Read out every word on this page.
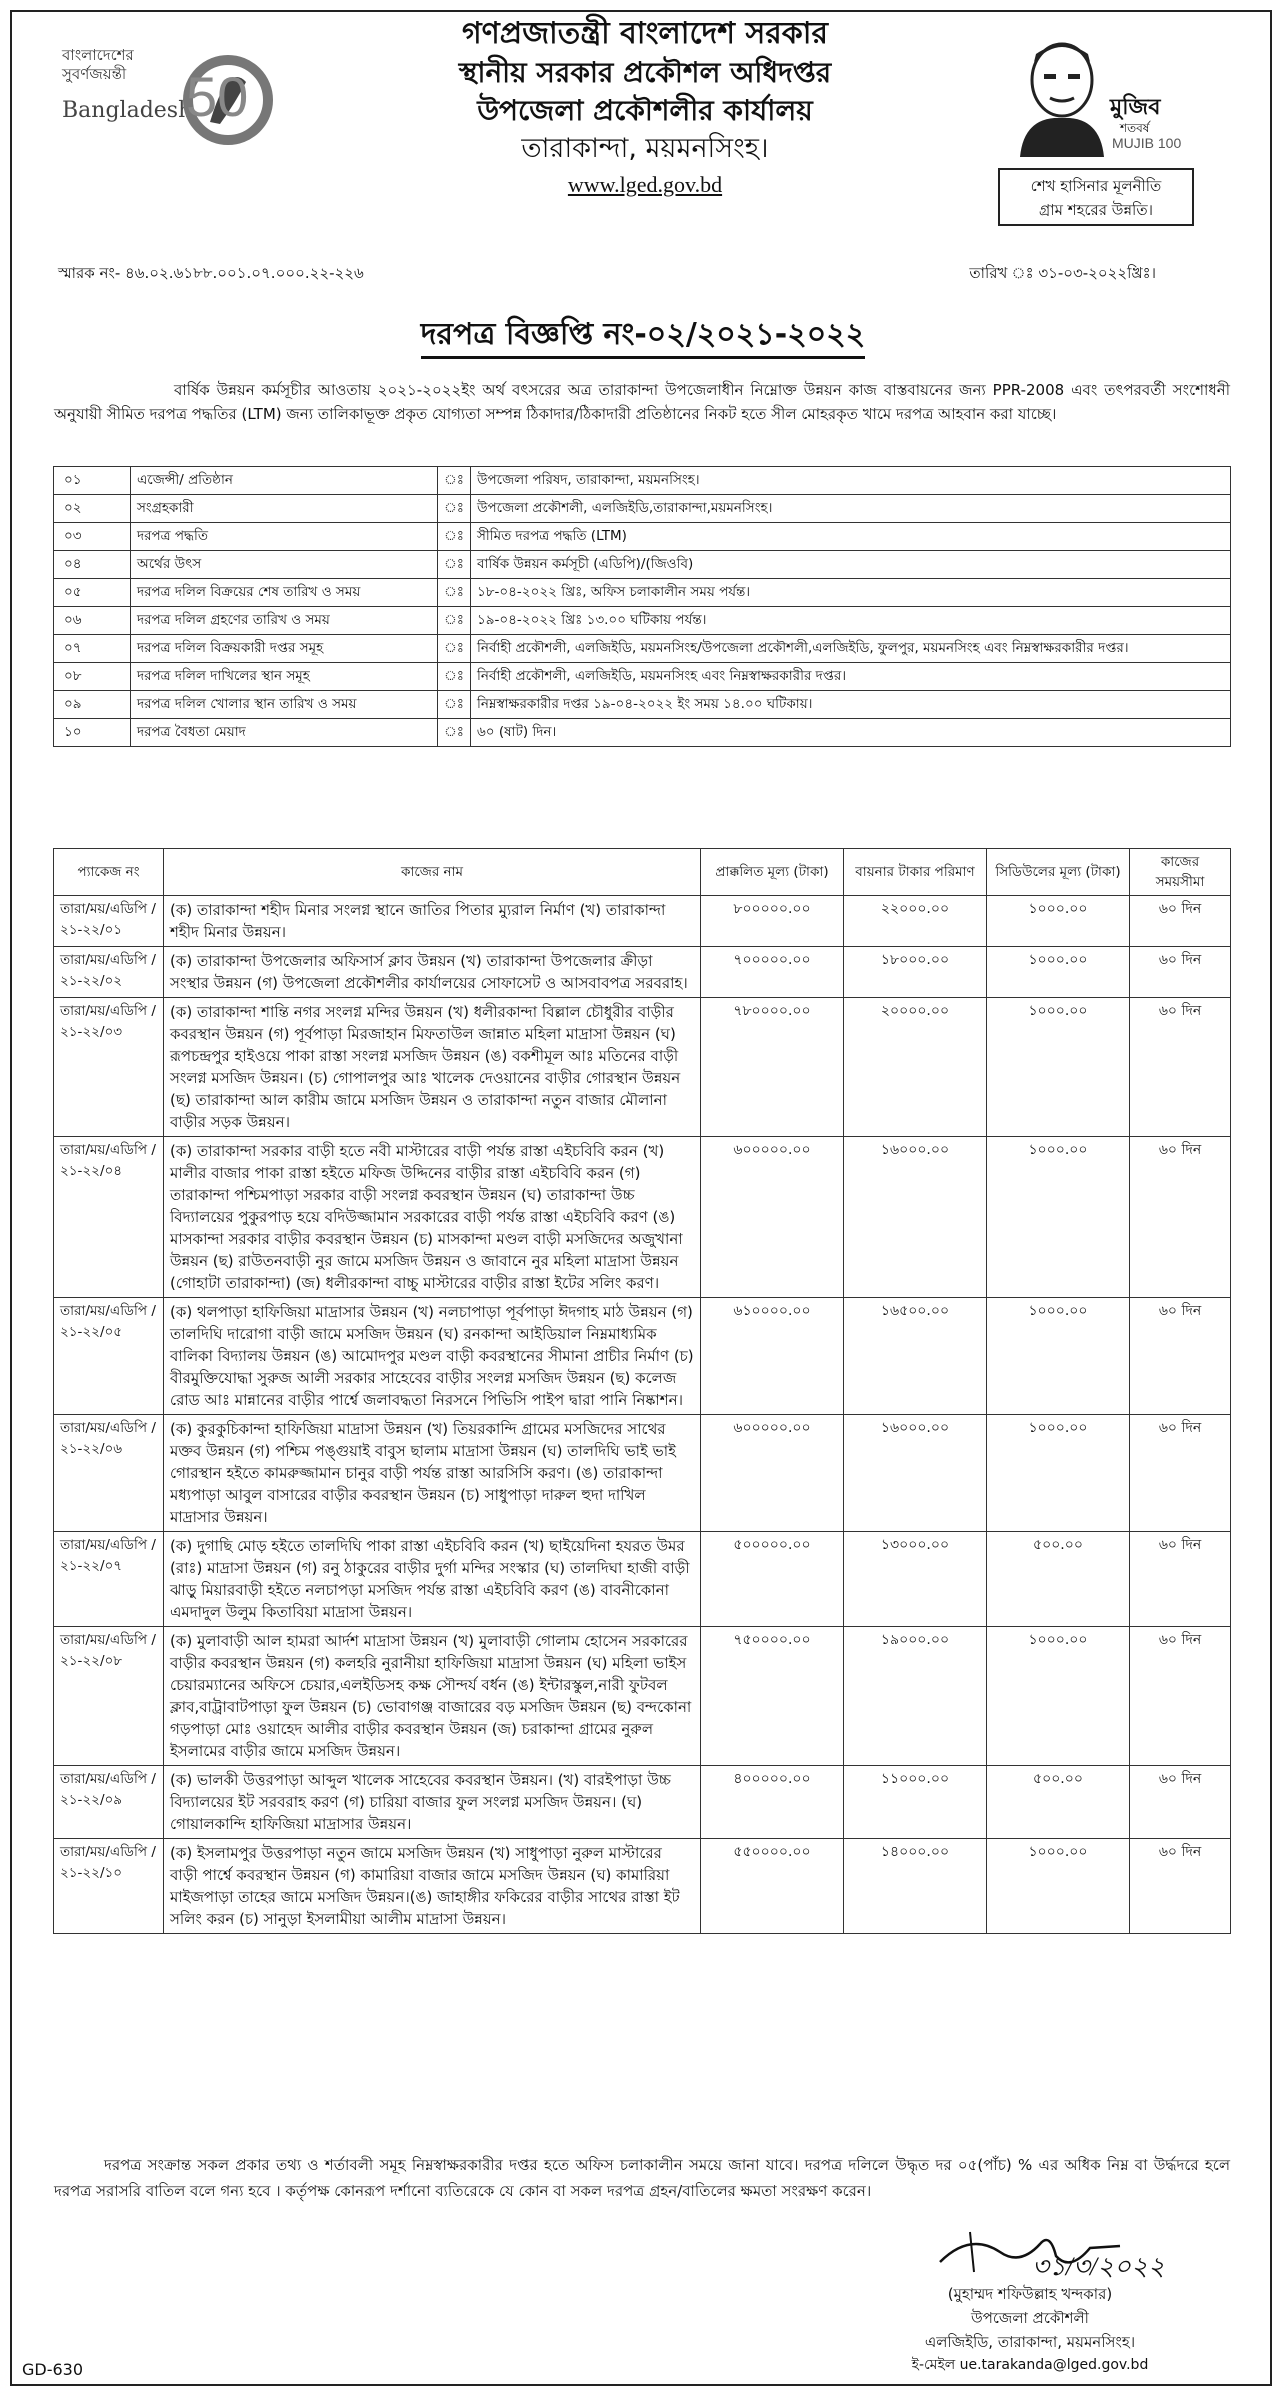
বাংলাদেশের
সুবর্ণজয়ন্তী
Bangladesh
50
গণপ্রজাতন্ত্রী বাংলাদেশ সরকার
স্থানীয় সরকার প্রকৌশল অধিদপ্তর
উপজেলা প্রকৌশলীর কার্যালয়
তারাকান্দা, ময়মনসিংহ।
www.lged.gov.bd
মুজিব
শতবর্ষ
MUJIB 100
শেখ হাসিনার মূলনীতি
গ্রাম শহরের উন্নতি।
স্মারক নং- ৪৬.০২.৬১৮৮.০০১.০৭.০০০.২২-২২৬	তারিখ ঃ ৩১-০৩-২০২২খ্রিঃ।
দরপত্র বিজ্ঞপ্তি নং-০২/২০২১-২০২২
বার্ষিক উন্নয়ন কর্মসূচীর আওতায় ২০২১-২০২২ইং অর্থ বৎসরের অত্র তারাকান্দা উপজেলাধীন নিম্নোক্ত উন্নয়ন কাজ বাস্তবায়নের জন্য PPR-2008 এবং তৎপরবর্তী সংশোধনী অনুযায়ী সীমিত দরপত্র পদ্ধতির (LTM) জন্য তালিকাভূক্ত প্রকৃত যোগ্যতা সম্পন্ন ঠিকাদার/ঠিকাদারী প্রতিষ্ঠানের নিকট হতে সীল মোহরকৃত খামে দরপত্র আহবান করা যাচ্ছে।
০১	এজেন্সী/ প্রতিষ্ঠান	ঃ	উপজেলা পরিষদ, তারাকান্দা, ময়মনসিংহ।
০২	সংগ্রহকারী	ঃ	উপজেলা প্রকৌশলী, এলজিইডি,তারাকান্দা,ময়মনসিংহ।
০৩	দরপত্র পদ্ধতি	ঃ	সীমিত দরপত্র পদ্ধতি (LTM)
০৪	অর্থের উৎস	ঃ	বার্ষিক উন্নয়ন কর্মসূচী (এডিপি)/(জিওবি)
০৫	দরপত্র দলিল বিক্রয়ের শেষ তারিখ ও সময়	ঃ	১৮-০৪-২০২২ খ্রিঃ, অফিস চলাকালীন সময় পর্যন্ত।
০৬	দরপত্র দলিল গ্রহণের তারিখ ও সময়	ঃ	১৯-০৪-২০২২ খ্রিঃ ১৩.০০ ঘটিকায় পর্যন্ত।
০৭	দরপত্র দলিল বিক্রয়কারী দপ্তর সমূহ	ঃ	নির্বাহী প্রকৌশলী, এলজিইডি, ময়মনসিংহ/উপজেলা প্রকৌশলী,এলজিইডি, ফুলপুর, ময়মনসিংহ এবং নিম্নস্বাক্ষরকারীর দপ্তর।
০৮	দরপত্র দলিল দাখিলের স্থান সমূহ	ঃ	নির্বাহী প্রকৌশলী, এলজিইডি, ময়মনসিংহ এবং নিম্নস্বাক্ষরকারীর দপ্তর।
০৯	দরপত্র দলিল খোলার স্থান তারিখ ও সময়	ঃ	নিম্নস্বাক্ষরকারীর দপ্তর ১৯-০৪-২০২২ ইং সময় ১৪.০০ ঘটিকায়।
১০	দরপত্র বৈধতা মেয়াদ	ঃ	৬০ (ষাট) দিন।
প্যাকেজ নং	কাজের নাম	প্রাক্কলিত মূল্য (টাকা)	বায়নার টাকার পরিমাণ	সিডিউলের মূল্য (টাকা)	কাজের সময়সীমা
তারা/ময়/এডিপি / ২১-২২/০১	(ক) তারাকান্দা শহীদ মিনার সংলগ্ন স্থানে জাতির পিতার ম্যুরাল নির্মাণ (খ) তারাকান্দা শহীদ মিনার উন্নয়ন।	৮০০০০০.০০	২২০০০.০০	১০০০.০০	৬০ দিন
তারা/ময়/এডিপি / ২১-২২/০২	(ক) তারাকান্দা উপজেলার অফিসার্স ক্লাব উন্নয়ন (খ) তারাকান্দা উপজেলার ক্রীড়া সংস্থার উন্নয়ন (গ) উপজেলা প্রকৌশলীর কার্যালয়ের সোফাসেট ও আসবাবপত্র সরবরাহ।	৭০০০০০.০০	১৮০০০.০০	১০০০.০০	৬০ দিন
তারা/ময়/এডিপি / ২১-২২/০৩	(ক) তারাকান্দা শান্তি নগর সংলগ্ন মন্দির উন্নয়ন (খ) ধলীরকান্দা বিল্লাল চৌধুরীর বাড়ীর কবরস্থান উন্নয়ন (গ) পূর্বপাড়া মিরজাহান মিফতাউল জান্নাত মহিলা মাদ্রাসা উন্নয়ন (ঘ) রূপচন্দ্রপুর হাইওয়ে পাকা রাস্তা সংলগ্ন মসজিদ উন্নয়ন (ঙ) বকশীমূল আঃ মতিনের বাড়ী সংলগ্ন মসজিদ উন্নয়ন। (চ) গোপালপুর আঃ খালেক দেওয়ানের বাড়ীর গোরস্থান উন্নয়ন (ছ) তারাকান্দা আল কারীম জামে মসজিদ উন্নয়ন ও তারাকান্দা নতুন বাজার মৌলানা বাড়ীর সড়ক উন্নয়ন।	৭৮০০০০.০০	২০০০০.০০	১০০০.০০	৬০ দিন
তারা/ময়/এডিপি / ২১-২২/০৪	(ক) তারাকান্দা সরকার বাড়ী হতে নবী মাস্টারের বাড়ী পর্যন্ত রাস্তা এইচবিবি করন (খ) মালীর বাজার পাকা রাস্তা হইতে মফিজ উদ্দিনের বাড়ীর রাস্তা এইচবিবি করন (গ) তারাকান্দা পশ্চিমপাড়া সরকার বাড়ী সংলগ্ন কবরস্থান উন্নয়ন (ঘ) তারাকান্দা উচ্চ বিদ্যালয়ের পুকুরপাড় হয়ে বদিউজ্জামান সরকারের বাড়ী পর্যন্ত রাস্তা এইচবিবি করণ (ঙ) মাসকান্দা সরকার বাড়ীর কবরস্থান উন্নয়ন (চ) মাসকান্দা মণ্ডল বাড়ী মসজিদের অজুখানা উন্নয়ন (ছ) রাউতনবাড়ী নুর জামে মসজিদ উন্নয়ন ও জাবানে নুর মহিলা মাদ্রাসা উন্নয়ন (গোহাটা তারাকান্দা) (জ) ধলীরকান্দা বাচ্চু মাস্টারের বাড়ীর রাস্তা ইটের সলিং করণ।	৬০০০০০.০০	১৬০০০.০০	১০০০.০০	৬০ দিন
তারা/ময়/এডিপি / ২১-২২/০৫	(ক) থলপাড়া হাফিজিয়া মাদ্রাসার উন্নয়ন (খ) নলচাপাড়া পূর্বপাড়া ঈদগাহ মাঠ উন্নয়ন (গ) তালদিঘি দারোগা বাড়ী জামে মসজিদ উন্নয়ন (ঘ) রনকান্দা আইডিয়াল নিম্নমাধ্যমিক বালিকা বিদ্যালয় উন্নয়ন (ঙ) আমোদপুর মণ্ডল বাড়ী কবরস্থানের সীমানা প্রাচীর নির্মাণ (চ) বীরমুক্তিযোদ্ধা সুরুজ আলী সরকার সাহেবের বাড়ীর সংলগ্ন মসজিদ উন্নয়ন (ছ) কলেজ রোড আঃ মান্নানের বাড়ীর পার্শ্বে জলাবদ্ধতা নিরসনে পিভিসি পাইপ দ্বারা পানি নিষ্কাশন।	৬১০০০০.০০	১৬৫০০.০০	১০০০.০০	৬০ দিন
তারা/ময়/এডিপি / ২১-২২/০৬	(ক) কুরকুচিকান্দা হাফিজিয়া মাদ্রাসা উন্নয়ন (খ) তিয়রকান্দি গ্রামের মসজিদের সাথের মক্তব উন্নয়ন (গ) পশ্চিম পঙ্গুয়াই বাবুস ছালাম মাদ্রাসা উন্নয়ন (ঘ) তালদিঘি ভাই ভাই গোরস্থান হইতে কামরুজ্জামান চানুর বাড়ী পর্যন্ত রাস্তা আরসিসি করণ। (ঙ) তারাকান্দা মধ্যপাড়া আবুল বাসারের বাড়ীর কবরস্থান উন্নয়ন (চ) সাধুপাড়া দারুল হুদা দাখিল মাদ্রাসার উন্নয়ন।	৬০০০০০.০০	১৬০০০.০০	১০০০.০০	৬০ দিন
তারা/ময়/এডিপি / ২১-২২/০৭	(ক) দুগাছি মোড় হইতে তালদিঘি পাকা রাস্তা এইচবিবি করন (খ) ছাইয়েদিনা হযরত উমর (রাঃ) মাদ্রাসা উন্নয়ন (গ) রনু ঠাকুরের বাড়ীর দুর্গা মন্দির সংস্কার (ঘ) তালদিঘা হাজী বাড়ী ঝাড়ু মিয়ারবাড়ী হইতে নলচাপড়া মসজিদ পর্যন্ত রাস্তা এইচবিবি করণ (ঙ) বাবনীকোনা এমদাদুল উলুম কিতাবিয়া মাদ্রাসা উন্নয়ন।	৫০০০০০.০০	১৩০০০.০০	৫০০.০০	৬০ দিন
তারা/ময়/এডিপি / ২১-২২/০৮	(ক) মুলাবাড়ী আল হামরা আর্দশ মাদ্রাসা উন্নয়ন (খ) মুলাবাড়ী গোলাম হোসেন সরকারের বাড়ীর কবরস্থান উন্নয়ন (গ) কলহরি নুরানীয়া হাফিজিয়া মাদ্রাসা উন্নয়ন (ঘ) মহিলা ভাইস চেয়ারম্যানের অফিসে চেয়ার,এলইডিসহ কক্ষ সৌন্দর্য বর্ধন (ঙ) ইন্টারস্কুল,নারী ফুটবল ক্লাব,বাট্রাবাটপাড়া ফুল উন্নয়ন (চ) ভোবাগঞ্জ বাজারের বড় মসজিদ উন্নয়ন (ছ) বন্দকোনা গড়পাড়া মোঃ ওয়াহেদ আলীর বাড়ীর কবরস্থান উন্নয়ন (জ) চরাকান্দা গ্রামের নুরুল ইসলামের বাড়ীর জামে মসজিদ উন্নয়ন।	৭৫০০০০.০০	১৯০০০.০০	১০০০.০০	৬০ দিন
তারা/ময়/এডিপি / ২১-২২/০৯	(ক) ভালকী উত্তরপাড়া আব্দুল খালেক সাহেবের কবরস্থান উন্নয়ন। (খ) বারইপাড়া উচ্চ বিদ্যালয়ের ইট সরবরাহ করণ (গ) চারিয়া বাজার ফুল সংলগ্ন মসজিদ উন্নয়ন। (ঘ) গোয়ালকান্দি হাফিজিয়া মাদ্রাসার উন্নয়ন।	৪০০০০০.০০	১১০০০.০০	৫০০.০০	৬০ দিন
তারা/ময়/এডিপি / ২১-২২/১০	(ক) ইসলামপুর উত্তরপাড়া নতুন জামে মসজিদ উন্নয়ন (খ) সাধুপাড়া নুরুল মাস্টারের বাড়ী পার্শ্বে কবরস্থান উন্নয়ন (গ) কামারিয়া বাজার জামে মসজিদ উন্নয়ন (ঘ) কামারিয়া মাইজপাড়া তাহের জামে মসজিদ উন্নয়ন।(ঙ) জাহাঙ্গীর ফকিরের বাড়ীর সাথের রাস্তা ইট সলিং করন (চ) সানুড়া ইসলামীয়া আলীম মাদ্রাসা উন্নয়ন।	৫৫০০০০.০০	১৪০০০.০০	১০০০.০০	৬০ দিন
দরপত্র সংক্রান্ত সকল প্রকার তথ্য ও শর্তাবলী সমূহ নিম্নস্বাক্ষরকারীর দপ্তর হতে অফিস চলাকালীন সময়ে জানা যাবে। দরপত্র দলিলে উদ্ধৃত দর ০৫(পাঁচ) % এর অধিক নিম্ন বা উর্দ্ধদরে হলে দরপত্র সরাসরি বাতিল বলে গন্য হবে । কর্তৃপক্ষ কোনরূপ দর্শানো ব্যতিরেকে যে কোন বা সকল দরপত্র গ্রহন/বাতিলের ক্ষমতা সংরক্ষণ করেন।
৩১/৩/২০২২
(মুহাম্মদ শফিউল্লাহ খন্দকার)
উপজেলা প্রকৌশলী
এলজিইডি, তারাকান্দা, ময়মনসিংহ।
ই-মেইল ue.tarakanda@lged.gov.bd
GD-630
